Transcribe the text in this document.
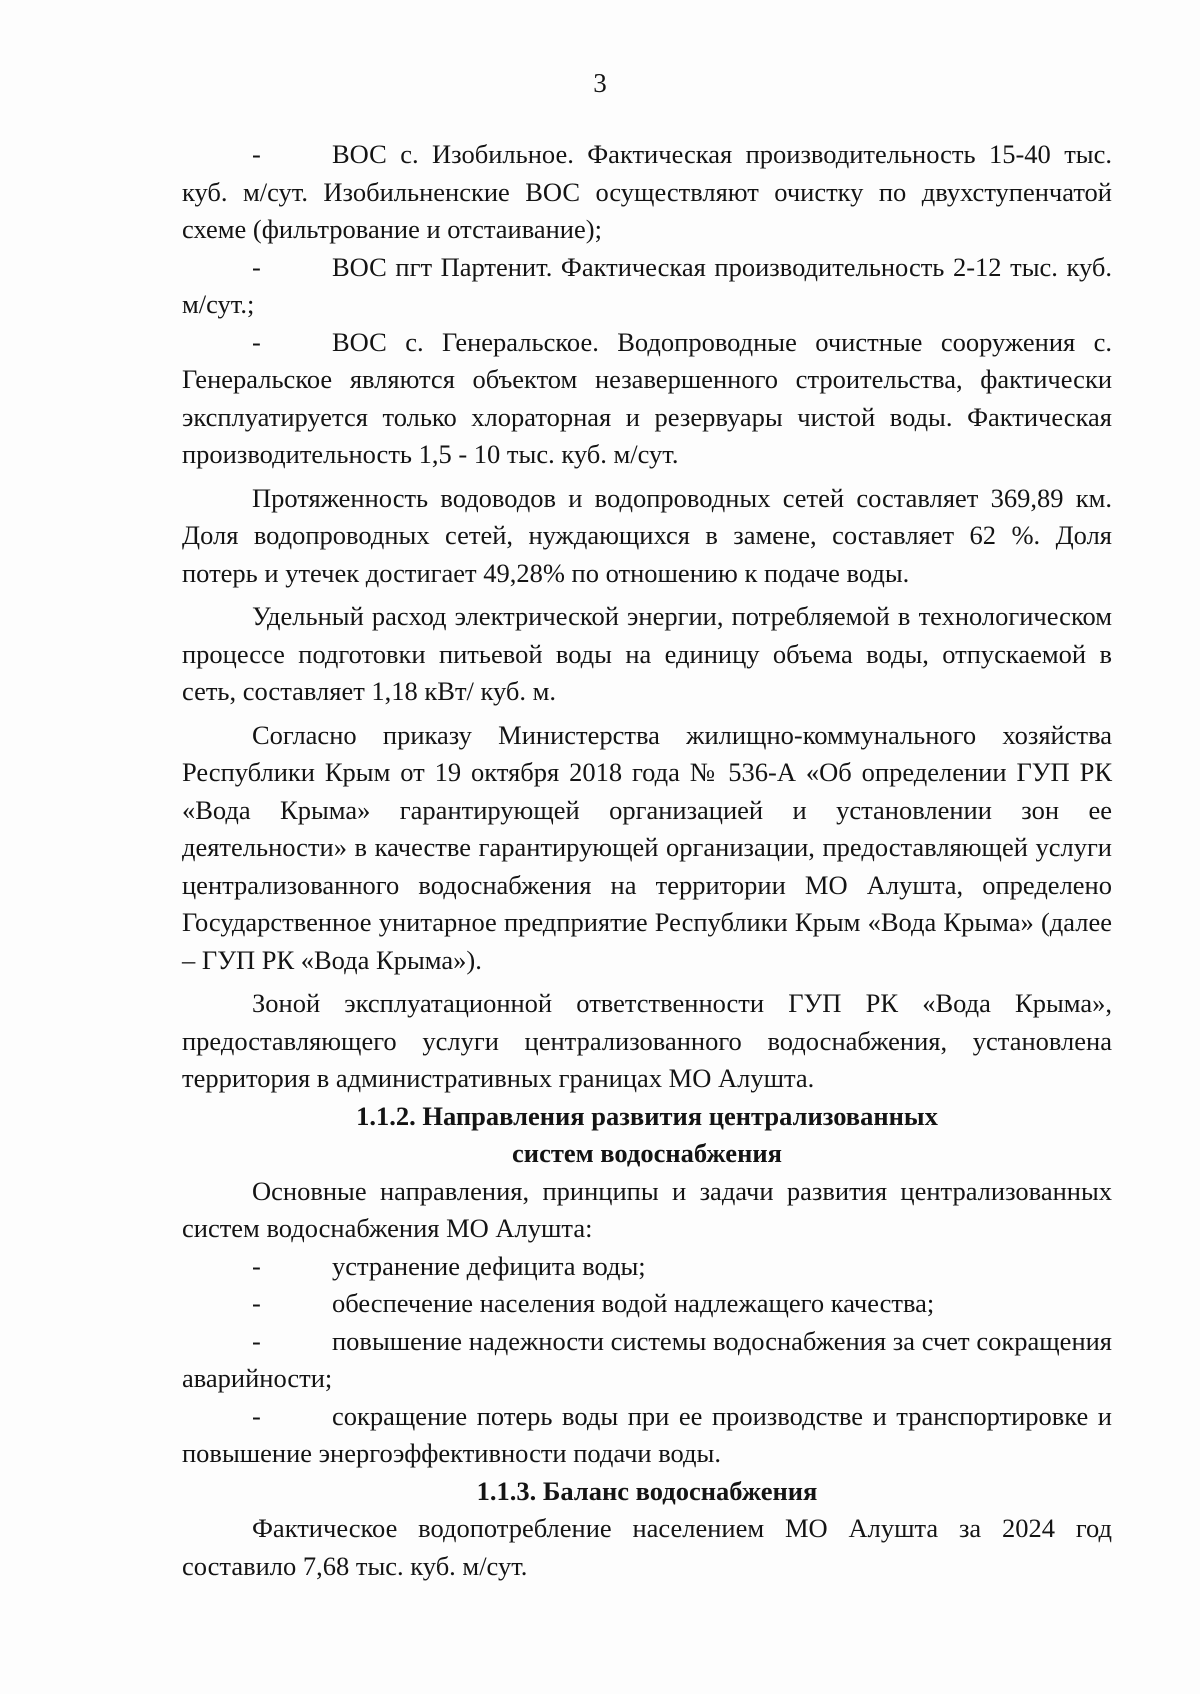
3

-	ВОС с. Изобильное. Фактическая производительность 15-40 тыс. куб. м/сут. Изобильненские ВОС осуществляют очистку по двухступенчатой схеме (фильтрование и отстаивание);

-	ВОС пгт Партенит. Фактическая производительность 2-12 тыс. куб. м/сут.;

-	ВОС с. Генеральское. Водопроводные очистные сооружения с. Генеральское являются объектом незавершенного строительства, фактически эксплуатируется только хлораторная и резервуары чистой воды. Фактическая производительность 1,5 - 10 тыс. куб. м/сут.

Протяженность водоводов и водопроводных сетей составляет 369,89 км. Доля водопроводных сетей, нуждающихся в замене, составляет 62 %. Доля потерь и утечек достигает 49,28% по отношению к подаче воды.

Удельный расход электрической энергии, потребляемой в технологическом процессе подготовки питьевой воды на единицу объема воды, отпускаемой в сеть, составляет 1,18 кВт/ куб. м.

Согласно приказу Министерства жилищно-коммунального хозяйства Республики Крым от 19 октября 2018 года № 536-А «Об определении ГУП РК «Вода Крыма» гарантирующей организацией и установлении зон ее деятельности» в качестве гарантирующей организации, предоставляющей услуги централизованного водоснабжения на территории МО Алушта, определено Государственное унитарное предприятие Республики Крым «Вода Крыма» (далее – ГУП РК «Вода Крыма»).

Зоной эксплуатационной ответственности ГУП РК «Вода Крыма», предоставляющего услуги централизованного водоснабжения, установлена территория в административных границах МО Алушта.

1.1.2. Направления развития централизованных

систем водоснабжения

Основные направления, принципы и задачи развития централизованных систем водоснабжения МО Алушта:

-	устранение дефицита воды;

-	обеспечение населения водой надлежащего качества;

-	повышение надежности системы водоснабжения за счет сокращения аварийности;

-	сокращение потерь воды при ее производстве и транспортировке и повышение энергоэффективности подачи воды.

1.1.3. Баланс водоснабжения

Фактическое водопотребление населением МО Алушта за 2024 год составило 7,68 тыс. куб. м/сут.
